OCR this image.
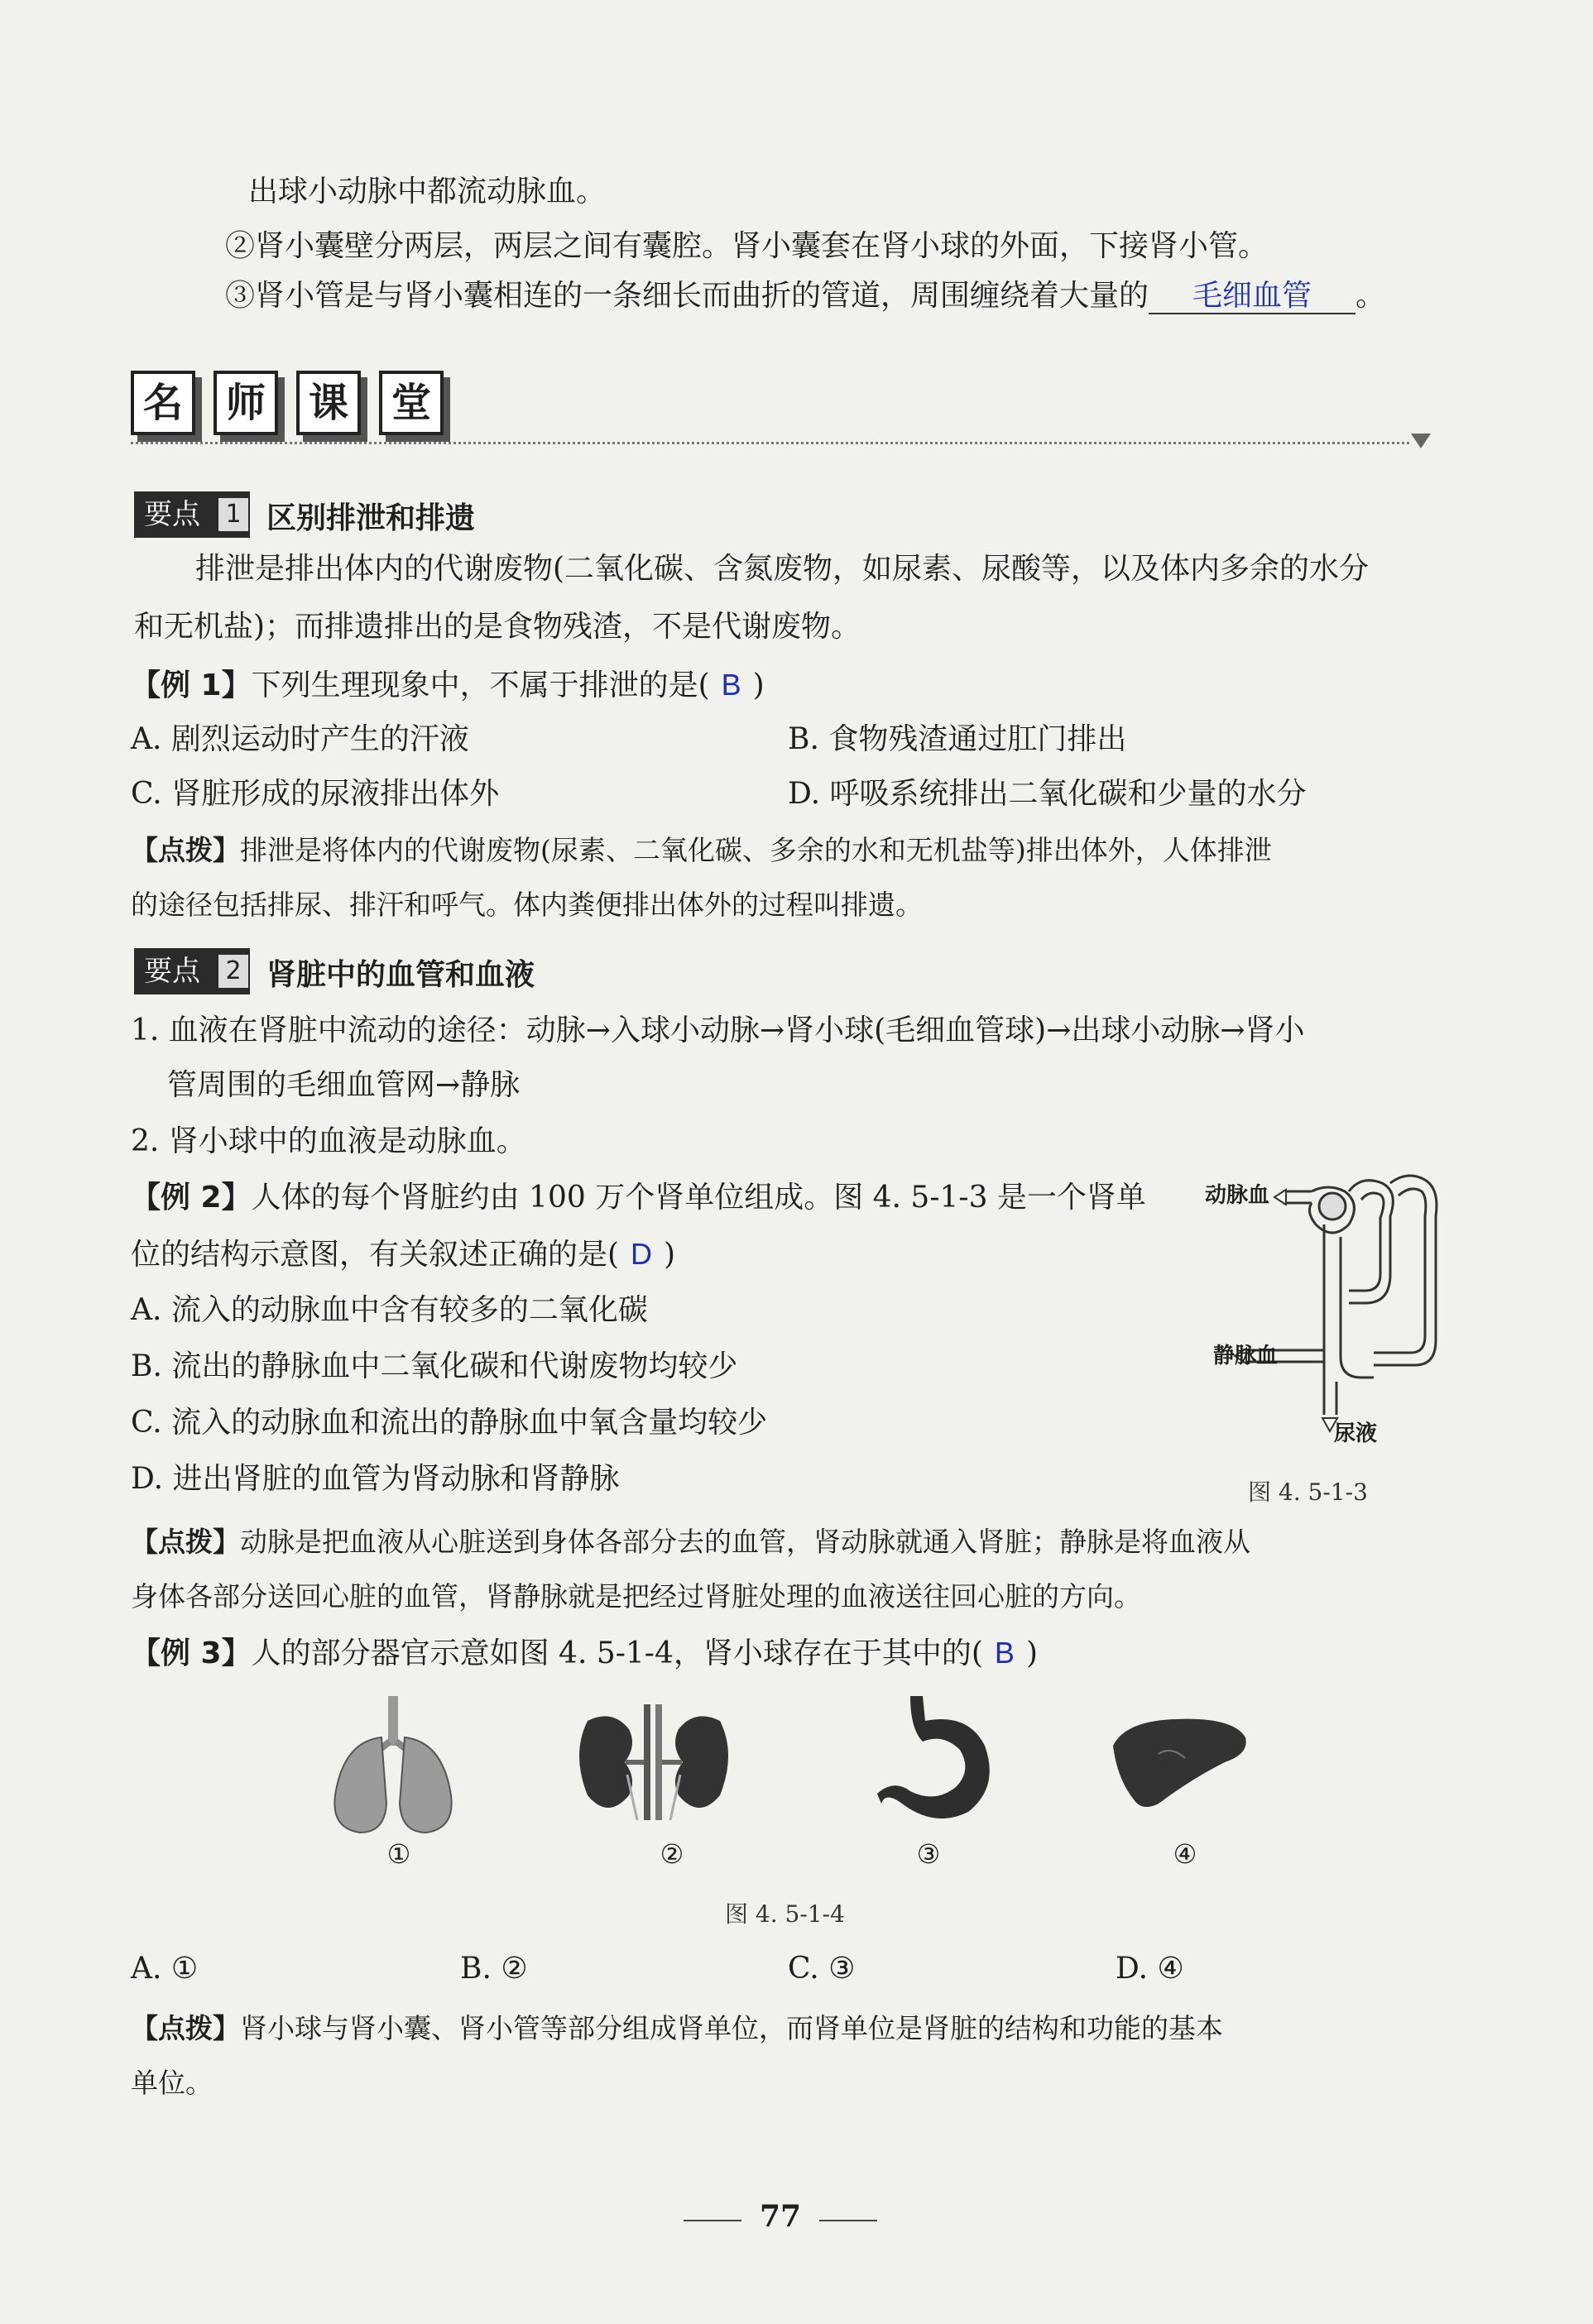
出球小动脉中都流动脉血。
②肾小囊壁分两层，两层之间有囊腔。肾小囊套在肾小球的外面，下接肾小管。
③肾小管是与肾小囊相连的一条细长而曲折的管道，周围缠绕着大量的 毛细血管 。
名	师	课	堂
要点	1 区别排泄和排遗
排泄是排出体内的代谢废物(二氧化碳、含氮废物，如尿素、尿酸等，以及体内多余的水分
和无机盐)；而排遗排出的是食物残渣，不是代谢废物。
【例 1】下列生理现象中，不属于排泄的是( B )
A. 剧烈运动时产生的汗液	B. 食物残渣通过肛门排出
C. 肾脏形成的尿液排出体外	D. 呼吸系统排出二氧化碳和少量的水分
【点拨】排泄是将体内的代谢废物(尿素、二氧化碳、多余的水和无机盐等)排出体外，人体排泄
的途径包括排尿、排汗和呼气。体内粪便排出体外的过程叫排遗。
要点	2 肾脏中的血管和血液
1. 血液在肾脏中流动的途径：动脉→入球小动脉→肾小球(毛细血管球)→出球小动脉→肾小
管周围的毛细血管网→静脉
2. 肾小球中的血液是动脉血。
【例 2】人体的每个肾脏约由 100 万个肾单位组成。图 4. 5-1-3 是一个肾单
位的结构示意图，有关叙述正确的是( D )
A. 流入的动脉血中含有较多的二氧化碳
B. 流出的静脉血中二氧化碳和代谢废物均较少
C. 流入的动脉血和流出的静脉血中氧含量均较少
D. 进出肾脏的血管为肾动脉和肾静脉
动脉血
静脉血
尿液
图 4. 5-1-3
【点拨】动脉是把血液从心脏送到身体各部分去的血管，肾动脉就通入肾脏；静脉是将血液从
身体各部分送回心脏的血管，肾静脉就是把经过肾脏处理的血液送往回心脏的方向。
【例 3】人的部分器官示意如图 4. 5-1-4，肾小球存在于其中的( B )
①	②	③	④
图 4. 5-1-4
A. ①	B. ②	C. ③	D. ④
【点拨】肾小球与肾小囊、肾小管等部分组成肾单位，而肾单位是肾脏的结构和功能的基本
单位。
77
